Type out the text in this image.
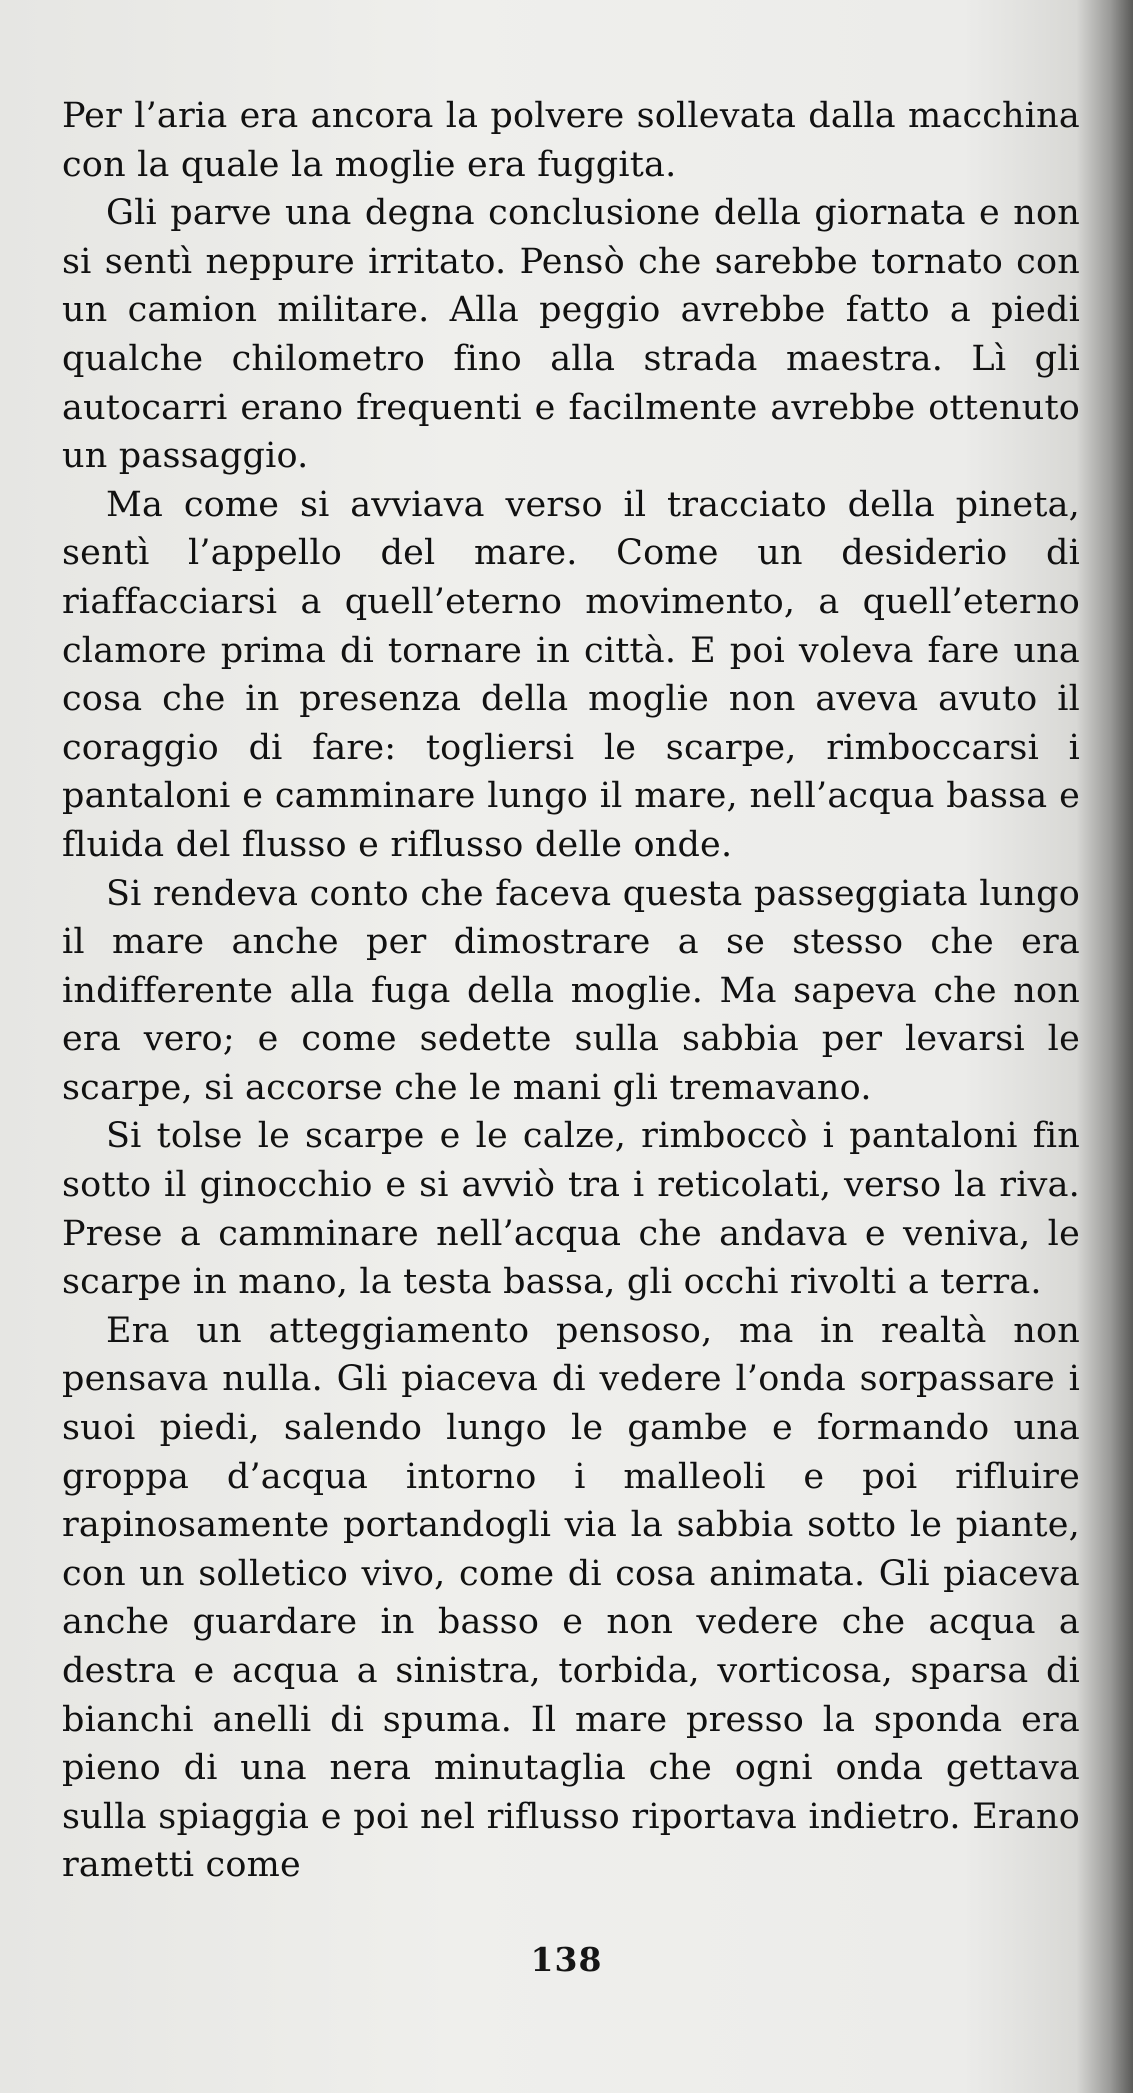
Per l’aria era ancora la polvere sollevata dalla macchina con la quale la moglie era fuggita.

Gli parve una degna conclusione della giornata e non si sentì neppure irritato. Pensò che sarebbe tornato con un camion militare. Alla peggio avrebbe fatto a piedi qualche chilometro fino alla strada maestra. Lì gli autocarri erano frequenti e facilmente avrebbe ottenuto un passaggio.

Ma come si avviava verso il tracciato della pineta, sentì l’appello del mare. Come un desiderio di riaffacciarsi a quell’eterno movimento, a quell’eterno clamore prima di tornare in città. E poi voleva fare una cosa che in presenza della moglie non aveva avuto il coraggio di fare: togliersi le scarpe, rimboccarsi i pantaloni e camminare lungo il mare, nell’acqua bassa e fluida del flusso e riflusso delle onde.

Si rendeva conto che faceva questa passeggiata lungo il mare anche per dimostrare a se stesso che era indifferente alla fuga della moglie. Ma sapeva che non era vero; e come sedette sulla sabbia per levarsi le scarpe, si accorse che le mani gli tremavano.

Si tolse le scarpe e le calze, rimboccò i pantaloni fin sotto il ginocchio e si avviò tra i reticolati, verso la riva. Prese a camminare nell’acqua che andava e veniva, le scarpe in mano, la testa bassa, gli occhi rivolti a terra.

Era un atteggiamento pensoso, ma in realtà non pensava nulla. Gli piaceva di vedere l’onda sorpassare i suoi piedi, salendo lungo le gambe e formando una groppa d’acqua intorno i malleoli e poi rifluire rapinosamente portandogli via la sabbia sotto le piante, con un solletico vivo, come di cosa animata. Gli piaceva anche guardare in basso e non vedere che acqua a destra e acqua a sinistra, torbida, vorticosa, sparsa di bianchi anelli di spuma. Il mare presso la sponda era pieno di una nera minutaglia che ogni onda gettava sulla spiaggia e poi nel riflusso riportava indietro. Erano rametti come

138
